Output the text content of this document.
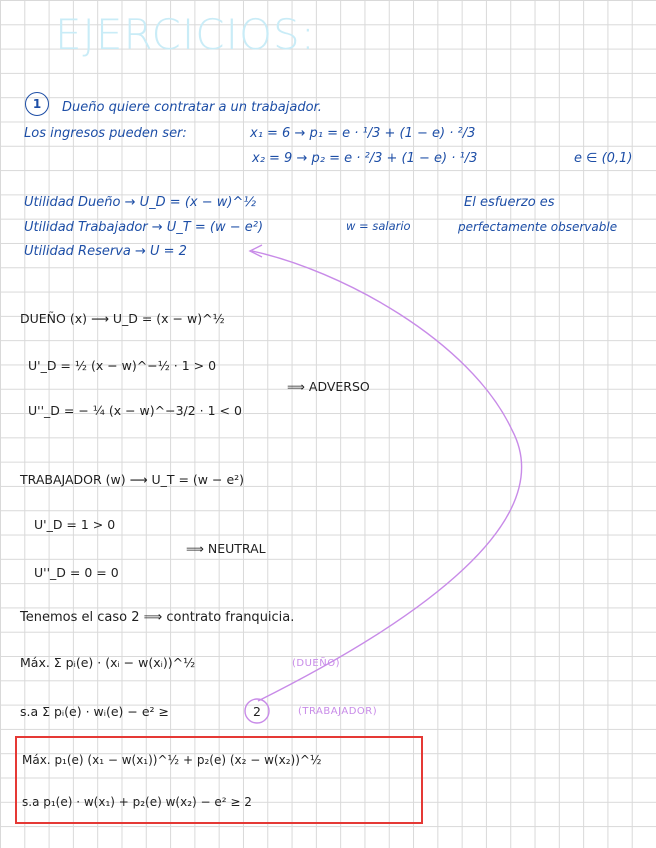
EJERCICIOS:
1	Dueño quiere contratar a un trabajador.
Los ingresos pueden ser:	x₁ = 6 → p₁ = e · ¹/3 + (1 − e) · ²/3
x₂ = 9 → p₂ = e · ²/3 + (1 − e) · ¹/3	e ∈ (0,1)
Utilidad Dueño → U_D = (x − w)^½
Utilidad Trabajador → U_T = (w − e²)
Utilidad Reserva → U = 2
w = salario
El esfuerzo es
perfectamente observable
DUEÑO (x) ⟶ U_D = (x − w)^½
U'_D = ½ (x − w)^−½ · 1 > 0
U''_D = − ¼ (x − w)^−3/2 · 1 < 0
⟹ ADVERSO
TRABAJADOR (w) ⟶ U_T = (w − e²)
U'_D = 1 > 0
U''_D = 0 = 0
⟹ NEUTRAL
Tenemos el caso 2 ⟹ contrato franquicia.
Máx. Σ pᵢ(e) · (xᵢ − w(xᵢ))^½	(DUEÑO)
s.a Σ pᵢ(e) · wᵢ(e) − e² ≥	2	(TRABAJADOR)
Máx. p₁(e) (x₁ − w(x₁))^½ + p₂(e) (x₂ − w(x₂))^½
s.a p₁(e) · w(x₁) + p₂(e) w(x₂) − e² ≥ 2
